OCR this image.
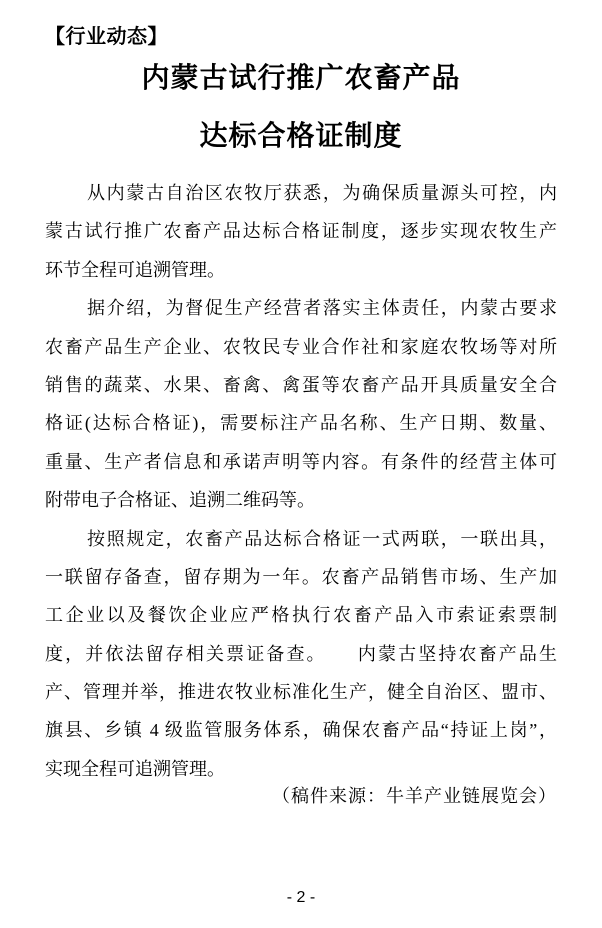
【行业动态】
内蒙古试行推广农畜产品
达标合格证制度
从内蒙古自治区农牧厅获悉，为确保质量源头可控，内
蒙古试行推广农畜产品达标合格证制度，逐步实现农牧生产
环节全程可追溯管理。
据介绍，为督促生产经营者落实主体责任，内蒙古要求
农畜产品生产企业、农牧民专业合作社和家庭农牧场等对所
销售的蔬菜、水果、畜禽、禽蛋等农畜产品开具质量安全合
格证(达标合格证)，需要标注产品名称、生产日期、数量、
重量、生产者信息和承诺声明等内容。有条件的经营主体可
附带电子合格证、追溯二维码等。
按照规定，农畜产品达标合格证一式两联，一联出具，
一联留存备查，留存期为一年。农畜产品销售市场、生产加
工企业以及餐饮企业应严格执行农畜产品入市索证索票制
度，并依法留存相关票证备查。　　内蒙古坚持农畜产品生
产、管理并举，推进农牧业标准化生产，健全自治区、盟市、
旗县、乡镇 4 级监管服务体系，确保农畜产品“持证上岗”，
实现全程可追溯管理。
（稿件来源：牛羊产业链展览会）
- 2 -
